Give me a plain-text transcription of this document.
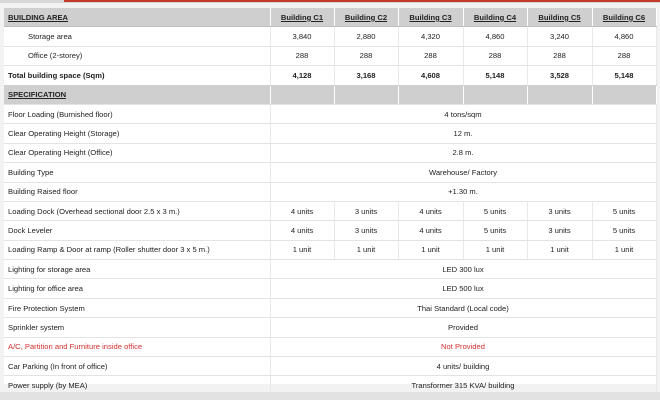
BUILDING AREA	Building C1	Building C2	Building C3	Building C4	Building C5	Building C6
Storage area	3,840	2,880	4,320	4,860	3,240	4,860
Office (2-storey)	288	288	288	288	288	288
Total building space (Sqm)	4,128	3,168	4,608	5,148	3,528	5,148
SPECIFICATION						
Floor Loading (Burnished floor)	4 tons/sqm					
Clear Operating Height (Storage)	12 m.					
Clear Operating Height (Office)	2.8 m.					
Building Type	Warehouse/ Factory					
Building Raised floor	+1.30 m.					
Loading Dock (Overhead sectional door 2.5 x 3 m.)	4 units	3 units	4 units	5 units	3 units	5 units
Dock Leveler	4 units	3 units	4 units	5 units	3 units	5 units
Loading Ramp & Door at ramp (Roller shutter door 3 x 5 m.)	1 unit	1 unit	1 unit	1 unit	1 unit	1 unit
Lighting for storage area	LED 300 lux					
Lighting for office area	LED 500 lux					
Fire Protection System	Thai Standard (Local code)					
Sprinkler system	Provided					
A/C, Partition and Furniture inside office	Not Provided					
Car Parking (In front of office)	4 units/ building					
Power supply (by MEA)	Transformer 315 KVA/ building					
